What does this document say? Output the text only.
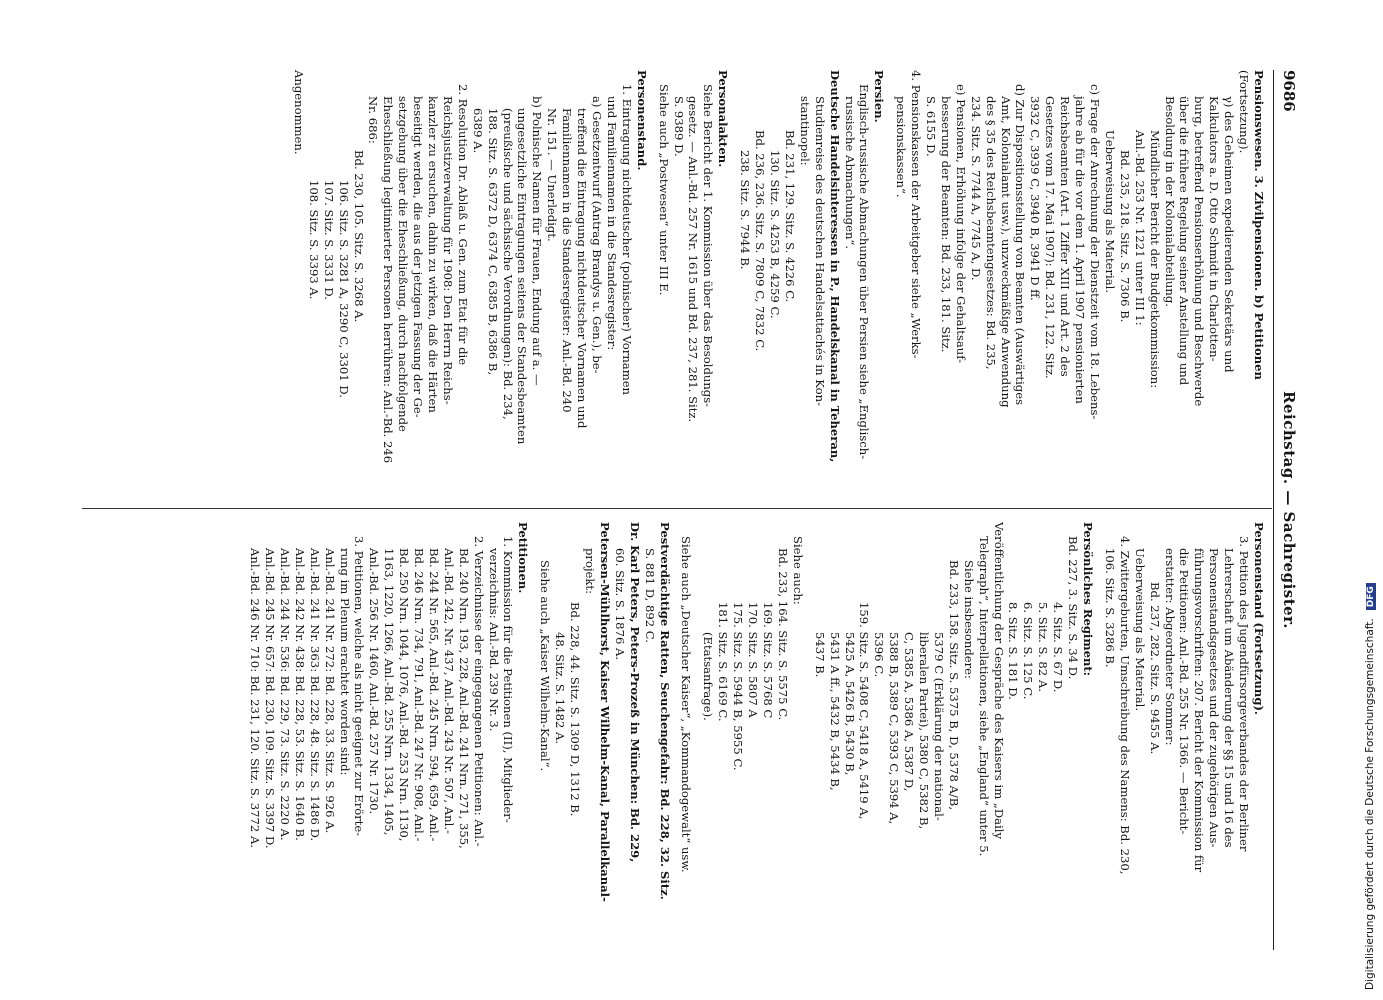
9686
Reichstag. — Sachregister.

Pensionswesen. 3. Zivilpensionen. b) Petitionen

(Fortsetzung).

γ) des Geheimen expedierenden Sekretärs und

Kalkulators a. D. Otto Schmidt in Charlotten-

burg, betreffend Pensionserhöhung und Beschwerde

über die frühere Regelung seiner Anstellung und

Besoldung in der Kolonialabteilung.

Mündlicher Bericht der Budgetkommission:

Anl.-Bd. 253 Nr. 1221 unter III 1:

Bd. 235, 218. Sitz. S. 7306 B.

Ueberweisung als Material.

c) Frage der Anrechnung der Dienstzeit vom 18. Lebens-

jahre ab für die vor dem 1. April 1907 pensionierten

Reichsbeamten (Art. 1 Ziffer XIII und Art. 2 des

Gesetzes vom 17. Mai 1907): Bd. 231, 122. Sitz.

3932 C, 3939 C, 3940 B, 3941 D ff.

d) Zur Dispositionsstellung von Beamten (Auswärtiges

Amt, Kolonialamt usw.), unzweckmäßige Anwendung

des § 35 des Reichsbeamtengesetzes: Bd. 235,

234. Sitz. S. 7744 A, 7745 A, D.

e) Pensionen, Erhöhung infolge der Gehaltsauf-

besserung der Beamten: Bd. 233, 181. Sitz.

S. 6155 D.

4. Pensionskassen der Arbeitgeber siehe „Werks-

pensionskassen“.

Persien.

Englisch-russische Abmachungen über Persien siehe „Englisch-

russische Abmachungen“.

Deutsche Handelsinteressen in P., Handelskanal in Teheran,

Studienreise des deutschen Handelsattachés in Kon-

stantinopel:

Bd. 231, 129. Sitz. S. 4226 C.

130. Sitz. S. 4253 B, 4259 C.

Bd. 236, 236. Sitz. S. 7809 C, 7832 C.

238. Sitz. S. 7944 B.

Personalakten.

Siehe Bericht der 1. Kommission über das Besoldungs-

gesetz. — Anl.-Bd. 257 Nr. 1615 und Bd. 237, 281. Sitz.

S. 9389 D.

Siehe auch „Postwesen“ unter III E.

Personenstand.

1. Eintragung nichtdeutscher (polnischer) Vornamen

und Familiennamen in die Standesregister:

a) Gesetzentwurf (Antrag Brandys u. Gen.), be-

treffend die Eintragung nichtdeutscher Vornamen und

Familiennamen in die Standesregister: Anl.-Bd. 240

Nr. 151. — Unerledigt.

b) Polnische Namen für Frauen, Endung auf a. —

ungesetzliche Eintragungen seitens der Standesbeamten

(preußische und sächsische Verordnungen): Bd. 234,

188. Sitz. S. 6372 D, 6374 C, 6385 B, 6386 B,

6389 A.

2. Resolution Dr. Ablaß u. Gen. zum Etat für die

Reichsjustizverwaltung für 1908: Den Herrn Reichs-

kanzler zu ersuchen, dahin zu wirken, daß die Härten

beseitigt werden, die aus der jetzigen Fassung der Ge-

setzgebung über die Eheschließung, durch nachfolgende

Eheschließung legitimierter Personen herrühren: Anl.-Bd. 246

Nr. 686:

Bd. 230, 105. Sitz. S. 3268 A.

106. Sitz. S. 3281 A, 3290 C, 3301 D.

107. Sitz. S. 3331 D.

108. Sitz. S. 3393 A.

Angenommen.

Personenstand (Fortsetzung).

3. Petition des Jugendfürsorgeverbandes der Berliner

Lehrerschaft um Abänderung der §§ 15 und 16 des

Personenstandsgesetzes und der zugehörigen Aus-

führungsvorschriften: 207. Bericht der Kommission für

die Petitionen: Anl.-Bd. 255 Nr. 1366. — Bericht-

erstatter: Abgeordneter Sommer:

Bd. 237, 282. Sitz. S. 9455 A.

Ueberweisung als Material.

4. Zwittergeburten, Umschreibung des Namens: Bd. 230,

106. Sitz. S. 3286 B.

Persönliches Regiment:

Bd. 227, 3. Sitz. S. 34 D.

4. Sitz. S. 67 D.

5. Sitz. S. 82 A.

6. Sitz. S. 125 C.

8. Sitz. S. 181 D.

Veröffentlichung der Gespräche des Kaisers im „Daily

Telegraph“, Interpellationen, siehe „England“ unter 5.

Siehe insbesondere:

Bd. 233, 158. Sitz. S. 5375 B, D, 5378 A/B,

5379 C (Erklärung der national-

liberalen Partei), 5380 C, 5382 B,

C, 5385 A, 5386 A, 5387 D,

5388 B, 5389 C, 5393 C, 5394 A,

5396 C.

159. Sitz. S. 5408 C, 5418 A, 5419 A,

5425 A, 5426 B, 5430 B,

5431 A ff., 5432 B, 5434 B,

5437 B.

Siehe auch:

Bd. 233, 164. Sitz. S. 5575 C.

169. Sitz. S. 5768 C

170. Sitz. S. 5807 A

175. Sitz. S. 5944 B, 5955 C.

181. Sitz. S. 6169 C.

(Etatsanfrage).

Siehe auch „Deutscher Kaiser“, „Kommandogewalt“ usw.

Pestverdächtige Ratten, Seuchengefahr: Bd. 228, 32. Sitz.

S. 881 D, 892 C.

Dr. Karl Peters, Peters-Prozeß in München: Bd. 229,

60. Sitz. S. 1876 A.

Petersen-Mühlhorst, Kaiser Wilhelm-Kanal, Parallelkanal-

projekt:

Bd. 228, 44. Sitz. S. 1309 D, 1312 B.

48. Sitz. S. 1482 A.

Siehe auch „Kaiser Wilhelm-Kanal“.

Petitionen.

1. Kommission für die Petitionen (II), Mitglieder-

verzeichnis: Anl.-Bd. 239 Nr. 3.

2. Verzeichnisse der eingegangenen Petitionen: Anl.-

Bd. 240 Nrn. 193, 228, Anl.-Bd. 241 Nrn. 271, 355,

Anl.-Bd. 242, Nr. 437, Anl.-Bd. 243 Nr. 507, Anl.-

Bd. 244 Nr. 565, Anl.-Bd. 245 Nrn. 594, 659, Anl.-

Bd. 246 Nrn. 734, 791, Anl.-Bd. 247 Nr. 908, Anl.-

Bd. 250 Nrn. 1044, 1076, Anl.-Bd. 253 Nrn. 1130,

1163, 1220, 1266, Anl.-Bd. 255 Nrn. 1334, 1405,

Anl.-Bd. 256 Nr. 1460, Anl.-Bd. 257 Nr. 1730.

3. Petitionen, welche als nicht geeignet zur Erörte-

rung im Plenum erachtet worden sind:

Anl.-Bd. 241 Nr. 272: Bd. 228, 33. Sitz. S. 926 A.

Anl.-Bd. 241 Nr. 363: Bd. 228, 48. Sitz. S. 1486 D.

Anl.-Bd. 242 Nr. 438: Bd. 228, 53. Sitz. S. 1640 B.

Anl.-Bd. 244 Nr. 536: Bd. 229, 73. Sitz. S. 2220 A.

Anl.-Bd. 245 Nr. 657: Bd. 230, 109. Sitz. S. 3397 D.

Anl.-Bd. 246 Nr. 710: Bd. 231, 120. Sitz. S. 3772 A.	Digitalisierung gefördert durch die Deutsche Forschungsgemeinschaft.DFG
